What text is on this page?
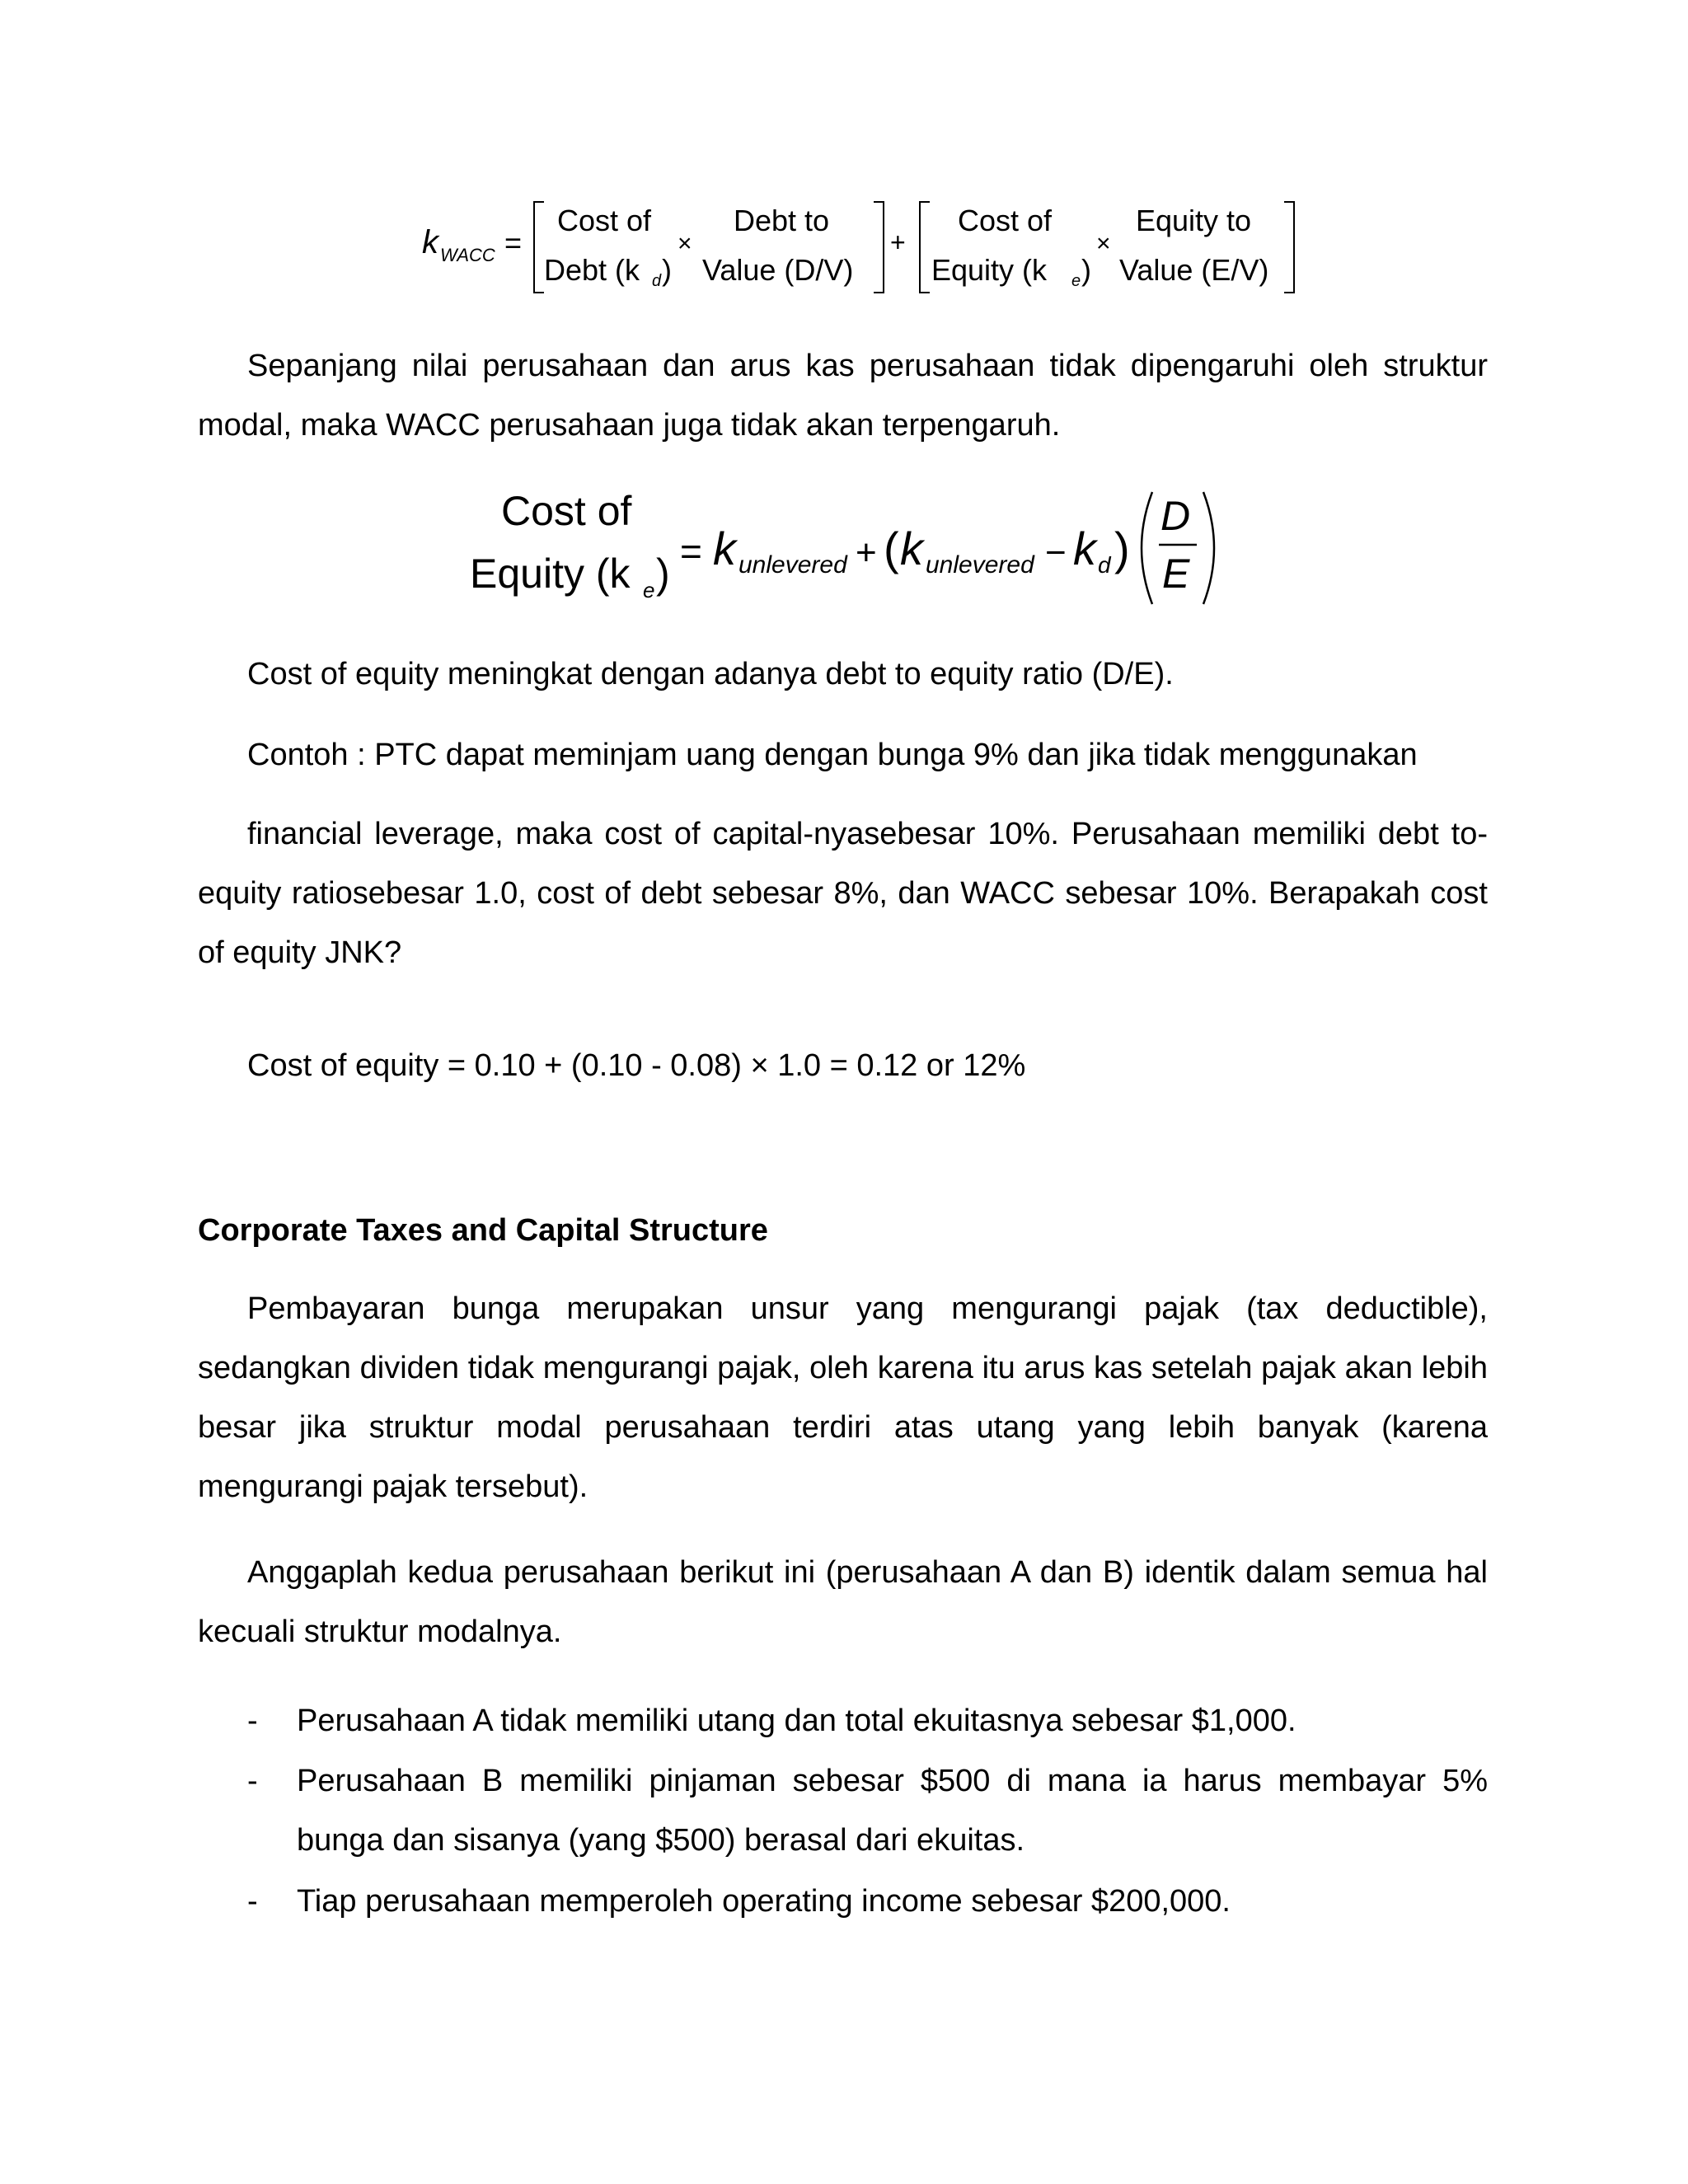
k WACC =
Cost of	Debt to
Debt (k d )
×
Value (D/V)
+
Cost of	Equity to
Equity (k e )
×
Value (E/V)

Sepanjang nilai perusahaan dan arus kas perusahaan tidak dipengaruhi oleh struktur modal, maka WACC perusahaan juga tidak akan terpengaruh.

Cost of
Equity (k e ) = k unlevered + ( k unlevered − k d )
D
E
Cost of equity meningkat dengan adanya debt to equity ratio (D/E).
Contoh : PTC dapat meminjam uang dengan bunga 9% dan jika tidak menggunakan

financial leverage, maka cost of capital-nyasebesar 10%. Perusahaan memiliki debt to-equity ratiosebesar 1.0, cost of debt sebesar 8%, dan WACC sebesar 10%. Berapakah cost of equity JNK?

Cost of equity = 0.10 + (0.10 - 0.08) × 1.0 = 0.12 or 12%
Corporate Taxes and Capital Structure

Pembayaran bunga merupakan unsur yang mengurangi pajak (tax deductible), sedangkan dividen tidak mengurangi pajak, oleh karena itu arus kas setelah pajak akan lebih besar jika struktur modal perusahaan terdiri atas utang yang lebih banyak (karena mengurangi pajak tersebut).

Anggaplah kedua perusahaan berikut ini (perusahaan A dan B) identik dalam semua hal kecuali struktur modalnya.

- Perusahaan A tidak memiliki utang dan total ekuitasnya sebesar $1,000.
- Perusahaan B memiliki pinjaman sebesar $500 di mana ia harus membayar 5% bunga dan sisanya (yang $500) berasal dari ekuitas.
- Tiap perusahaan memperoleh operating income sebesar $200,000.
